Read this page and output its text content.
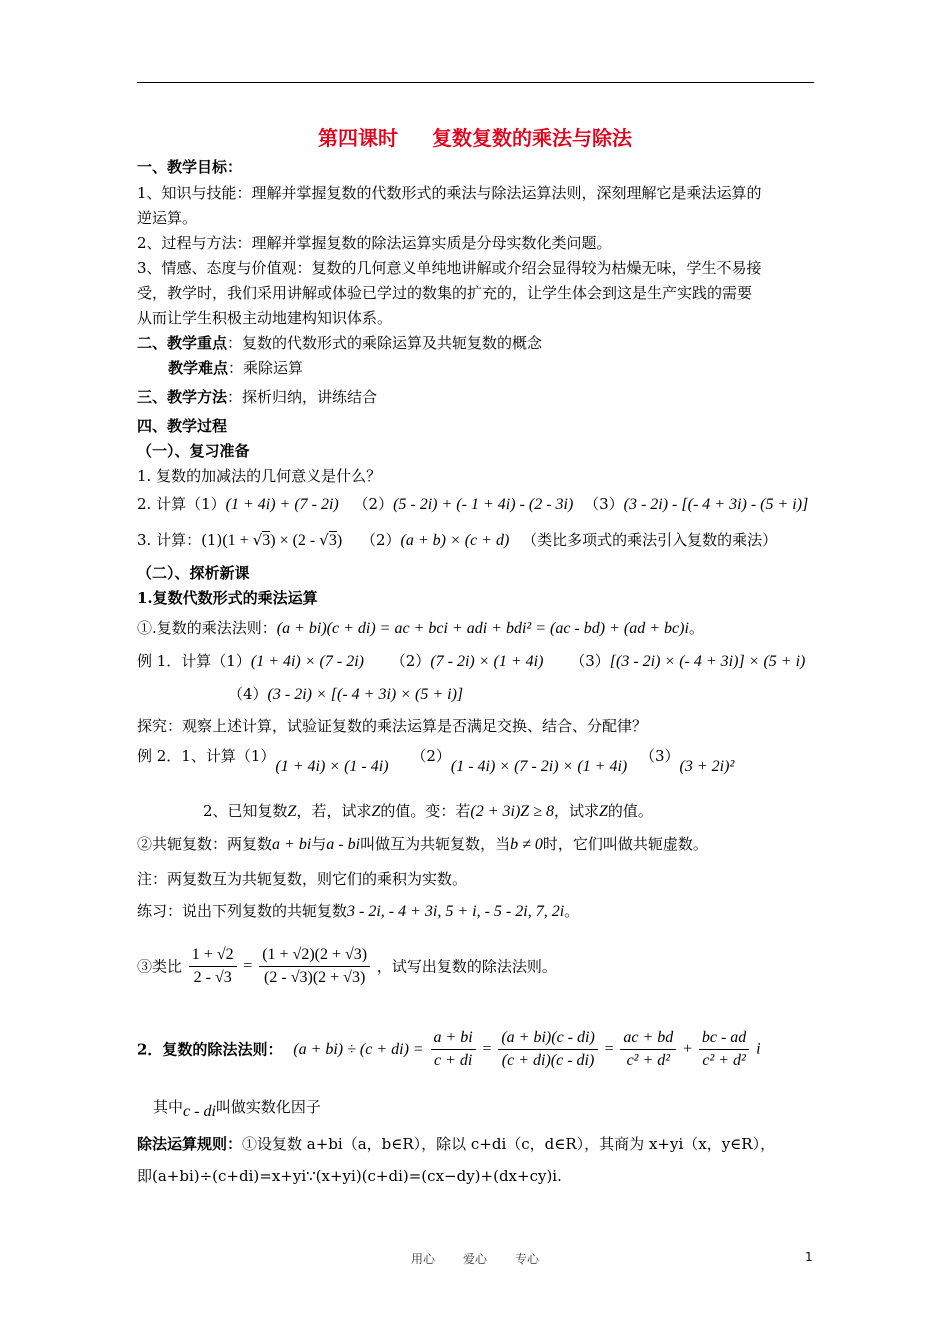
第四课时 复数复数的乘法与除法
一、教学目标：
1、知识与技能：理解并掌握复数的代数形式的乘法与除法运算法则，深刻理解它是乘法运算的
逆运算。
2、过程与方法：理解并掌握复数的除法运算实质是分母实数化类问题。
3、情感、态度与价值观：复数的几何意义单纯地讲解或介绍会显得较为枯燥无味，学生不易接
受，教学时，我们采用讲解或体验已学过的数集的扩充的，让学生体会到这是生产实践的需要
从而让学生积极主动地建构知识体系。
二、教学重点：复数的代数形式的乘除运算及共轭复数的概念
教学难点：乘除运算
三、教学方法：探析归纳，讲练结合
四、教学过程
（一）、复习准备
1. 复数的加减法的几何意义是什么？
2. 计算（1）(1 + 4i) + (7 - 2i) （2）(5 - 2i) + (- 1 + 4i) - (2 - 3i) （3）(3 - 2i) - [(- 4 + 3i) - (5 + i)]
3. 计算：(1)(1 + √3) × (2 - √3) （2）(a + b) × (c + d) （类比多项式的乘法引入复数的乘法）
（二）、探析新课
1.复数代数形式的乘法运算
①.复数的乘法法则：(a + bi)(c + di) = ac + bci + adi + bdi² = (ac - bd) + (ad + bc)i。
例 1．计算（1）(1 + 4i) × (7 - 2i) （2）(7 - 2i) × (1 + 4i) （3）[(3 - 2i) × (- 4 + 3i)] × (5 + i)
（4）(3 - 2i) × [(- 4 + 3i) × (5 + i)]
探究：观察上述计算，试验证复数的乘法运算是否满足交换、结合、分配律？
例 2．1、计算（1）(1 + 4i) × (1 - 4i) （2）(1 - 4i) × (7 - 2i) × (1 + 4i) （3）(3 + 2i)²
2、已知复数Z，若，试求Z的值。变：若(2 + 3i)Z ≥ 8，试求Z的值。
②共轭复数：两复数a + bi与a - bi叫做互为共轭复数，当b ≠ 0时，它们叫做共轭虚数。
注：两复数互为共轭复数，则它们的乘积为实数。
练习：说出下列复数的共轭复数3 - 2i, - 4 + 3i, 5 + i, - 5 - 2i, 7, 2i。
③类比 $\frac{1 + √2}{2 - √3} = \frac{(1 + √2)(2 + √3)}{(2 - √3)(2 + √3)}$ ，试写出复数的除法法则。
2．复数的除法法则： $(a + bi) \div (c + di) = \frac{a + bi}{c + di} = \frac{(a + bi)(c - di)}{(c + di)(c - di)} = \frac{ac + bd}{\text{c² + d²}} + \frac{bc - ad}{\text{c² + d²}}$ i
其中c - di叫做实数化因子
除法运算规则：①设复数 a+bi（a，b∈R），除以 c+di（c，d∈R），其商为 x+yi（x，y∈R），
即(a+bi)÷(c+di)=x+yi∵(x+yi)(c+di)=(cx−dy)+(dx+cy)i.
用心 爱心 专心	1
